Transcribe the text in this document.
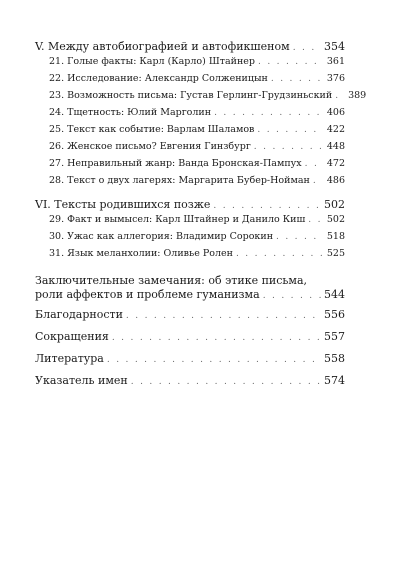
V. Между автобиографией и автофикшеном . . .	354
21. Голые факты: Карл (Карло) Штайнер . . .	361
22. Исследование: Александр Солженицын . . .	376
23. Возможность письма: Густав Герлинг-Грудзиньский . . . 389
24. Тщетность: Юлий Марголин . . .	406
25. Текст как событие: Варлам Шаламов . . .	422
26. Женское письмо? Евгения Гинзбург . . .	448
27. Неправильный жанр: Ванда Бронская-Пампух . . .	472
28. Текст о двух лагерях: Маргарита Бубер-Нойман . . . 486
VI. Тексты родившихся позже . . .	502
29. Факт и вымысел: Карл Штайнер и Данило Киш . . . 502
30. Ужас как аллегория: Владимир Сорокин . . .	518
31. Язык меланхолии: Оливье Ролен . . .	525
Заключительные замечания: об этике письма,
роли аффектов и проблеме гуманизма . . .	544
Благодарности . . .	556
Сокращения . . .	557
Литература . . .	558
Указатель имен . . .	574
